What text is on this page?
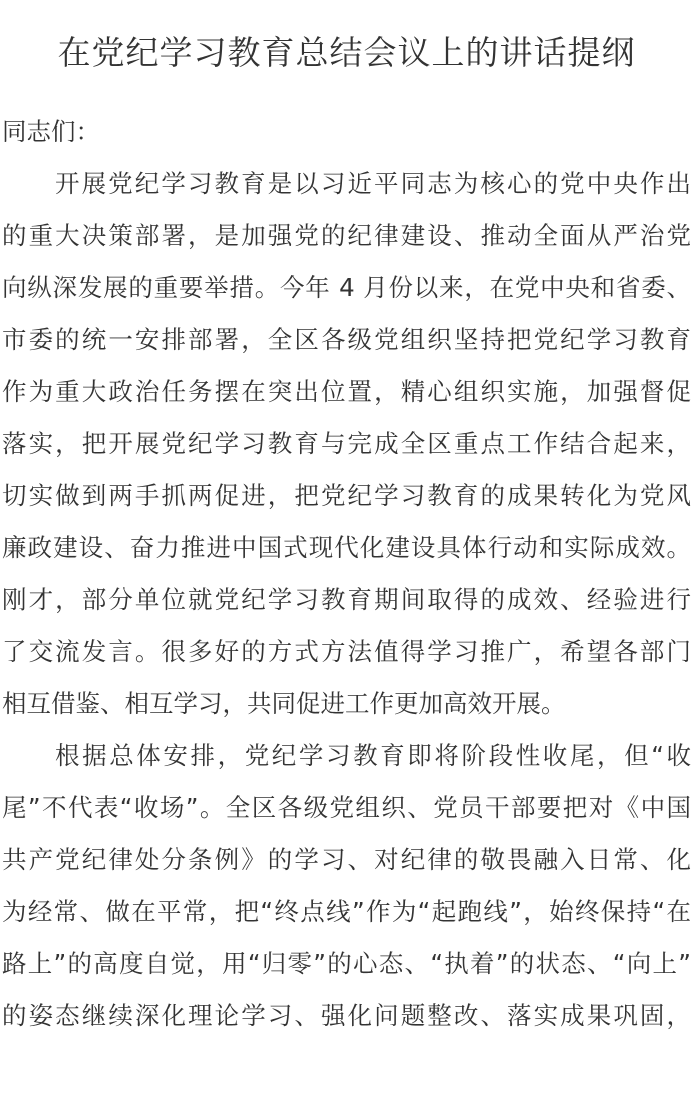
在党纪学习教育总结会议上的讲话提纲
同志们：
开展党纪学习教育是以习近平同志为核心的党中央作出
的重大决策部署，是加强党的纪律建设、推动全面从严治党
向纵深发展的重要举措。今年 4 月份以来，在党中央和省委、
市委的统一安排部署，全区各级党组织坚持把党纪学习教育
作为重大政治任务摆在突出位置，精心组织实施，加强督促
落实，把开展党纪学习教育与完成全区重点工作结合起来，
切实做到两手抓两促进，把党纪学习教育的成果转化为党风
廉政建设、奋力推进中国式现代化建设具体行动和实际成效。
刚才，部分单位就党纪学习教育期间取得的成效、经验进行
了交流发言。很多好的方式方法值得学习推广，希望各部门
相互借鉴、相互学习，共同促进工作更加高效开展。
根据总体安排，党纪学习教育即将阶段性收尾，但“收
尾”不代表“收场”。全区各级党组织、党员干部要把对《中国
共产党纪律处分条例》的学习、对纪律的敬畏融入日常、化
为经常、做在平常，把“终点线”作为“起跑线”，始终保持“在
路上”的高度自觉，用“归零”的心态、“执着”的状态、“向上”
的姿态继续深化理论学习、强化问题整改、落实成果巩固，
